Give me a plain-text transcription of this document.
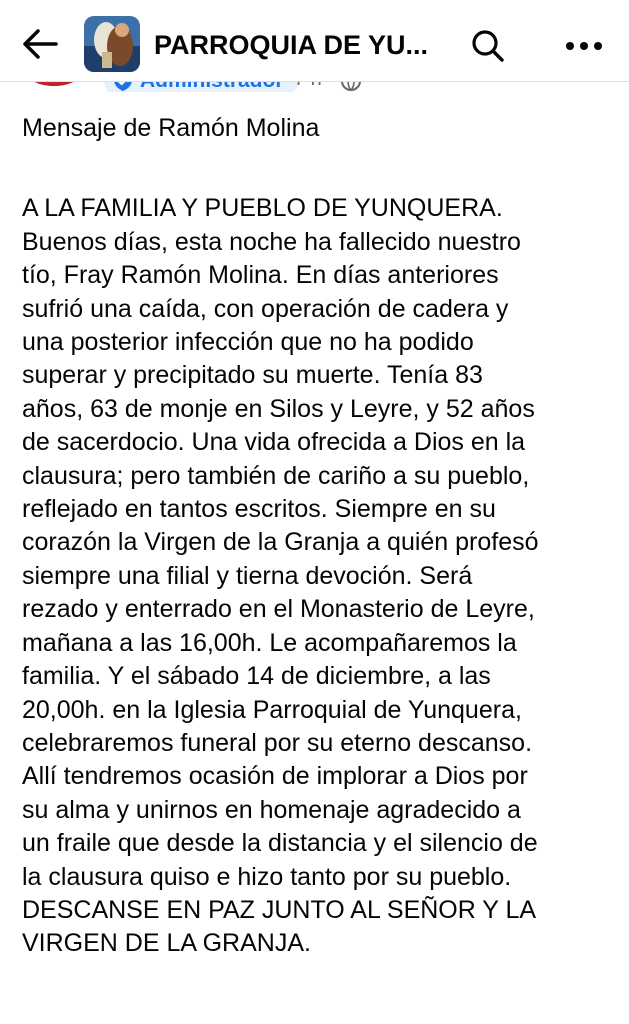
PARROQUIA DE YU...

Mensaje de Ramón Molina

A LA FAMILIA Y PUEBLO DE YUNQUERA.

Buenos días, esta noche ha fallecido nuestro

tío, Fray Ramón Molina. En días anteriores

sufrió una caída, con operación de cadera y

una posterior infección que no ha podido

superar y precipitado su muerte. Tenía 83

años, 63 de monje en Silos y Leyre, y 52 años

de sacerdocio. Una vida ofrecida a Dios en la

clausura; pero también de cariño a su pueblo,

reflejado en tantos escritos. Siempre en su

corazón la Virgen de la Granja a quién profesó

siempre una filial y tierna devoción. Será

rezado y enterrado en el Monasterio de Leyre,

mañana a las 16,00h. Le acompañaremos la

familia. Y el sábado 14 de diciembre, a las

20,00h. en la Iglesia Parroquial de Yunquera,

celebraremos funeral por su eterno descanso.

Allí tendremos ocasión de implorar a Dios por

su alma y unirnos en homenaje agradecido a

un fraile que desde la distancia y el silencio de

la clausura quiso e hizo tanto por su pueblo.

DESCANSE EN PAZ JUNTO AL SEÑOR Y LA

VIRGEN DE LA GRANJA.
